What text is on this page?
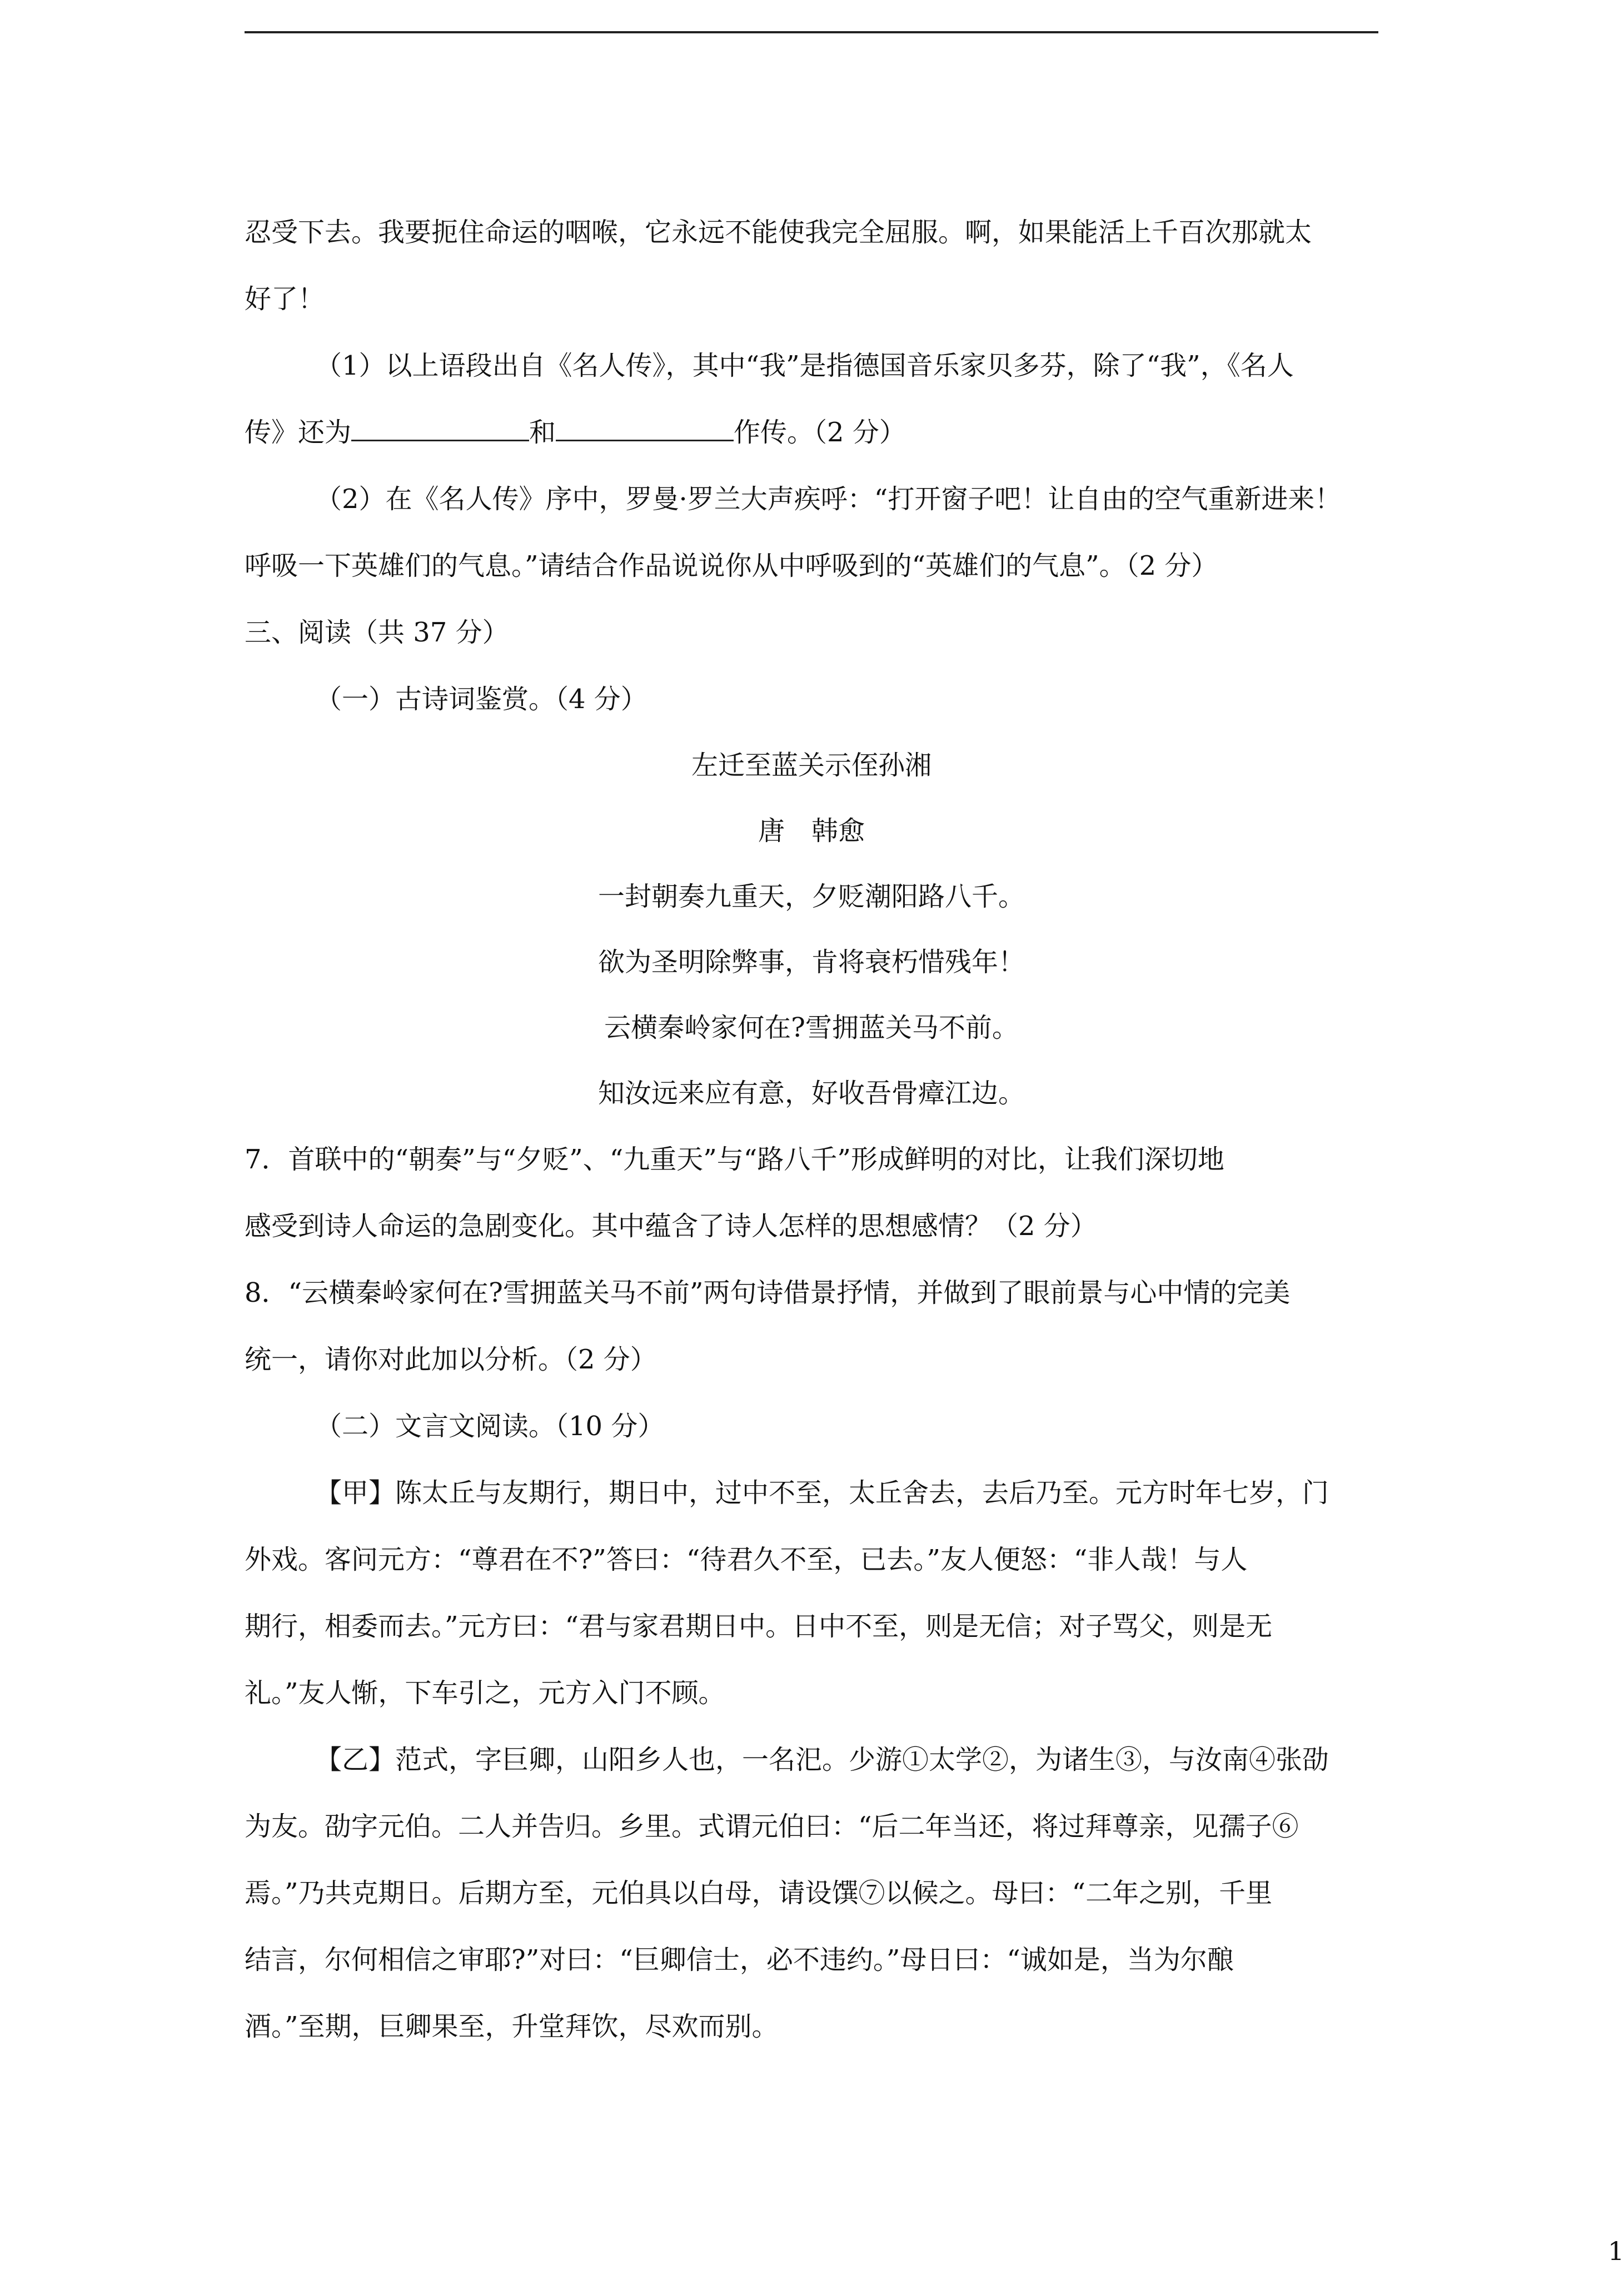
忍受下去。我要扼住命运的咽喉，它永远不能使我完全屈服。啊，如果能活上千百次那就太

好了！

（1）以上语段出自《名人传》，其中“我”是指德国音乐家贝多芬，除了“我”，《名人

传》还为	和	作传。（2 分）

（2）在《名人传》序中，罗曼·罗兰大声疾呼：“打开窗子吧！让自由的空气重新进来！

呼吸一下英雄们的气息。”请结合作品说说你从中呼吸到的“英雄们的气息”。（2 分）

三、阅读（共 37 分）

（一）古诗词鉴赏。（4 分）

左迁至蓝关示侄孙湘

唐　韩愈

一封朝奏九重天，夕贬潮阳路八千。

欲为圣明除弊事，肯将衰朽惜残年！

云横秦岭家何在?雪拥蓝关马不前。

知汝远来应有意，好收吾骨瘴江边。

7．首联中的“朝奏”与“夕贬”、“九重天”与“路八千”形成鲜明的对比，让我们深切地

感受到诗人命运的急剧变化。其中蕴含了诗人怎样的思想感情？（2 分）

8．“云横秦岭家何在?雪拥蓝关马不前”两句诗借景抒情，并做到了眼前景与心中情的完美

统一，请你对此加以分析。（2 分）

（二）文言文阅读。（10 分）

【甲】陈太丘与友期行，期日中，过中不至，太丘舍去，去后乃至。元方时年七岁，门

外戏。客问元方：“尊君在不?”答曰：“待君久不至，已去。”友人便怒：“非人哉！与人

期行，相委而去。”元方曰：“君与家君期日中。日中不至，则是无信；对子骂父，则是无

礼。”友人惭，下车引之，元方入门不顾。

【乙】范式，字巨卿，山阳乡人也，一名汜。少游①太学②，为诸生③，与汝南④张劭

为友。劭字元伯。二人并告归。乡里。式谓元伯曰：“后二年当还，将过拜尊亲，见孺子⑥

焉。”乃共克期日。后期方至，元伯具以白母，请设馔⑦以候之。母曰：“二年之别，千里

结言，尔何相信之审耶?”对曰：“巨卿信士，必不违约。”母日曰：“诚如是，当为尔酿

酒。”至期，巨卿果至，升堂拜饮，尽欢而别。

1
